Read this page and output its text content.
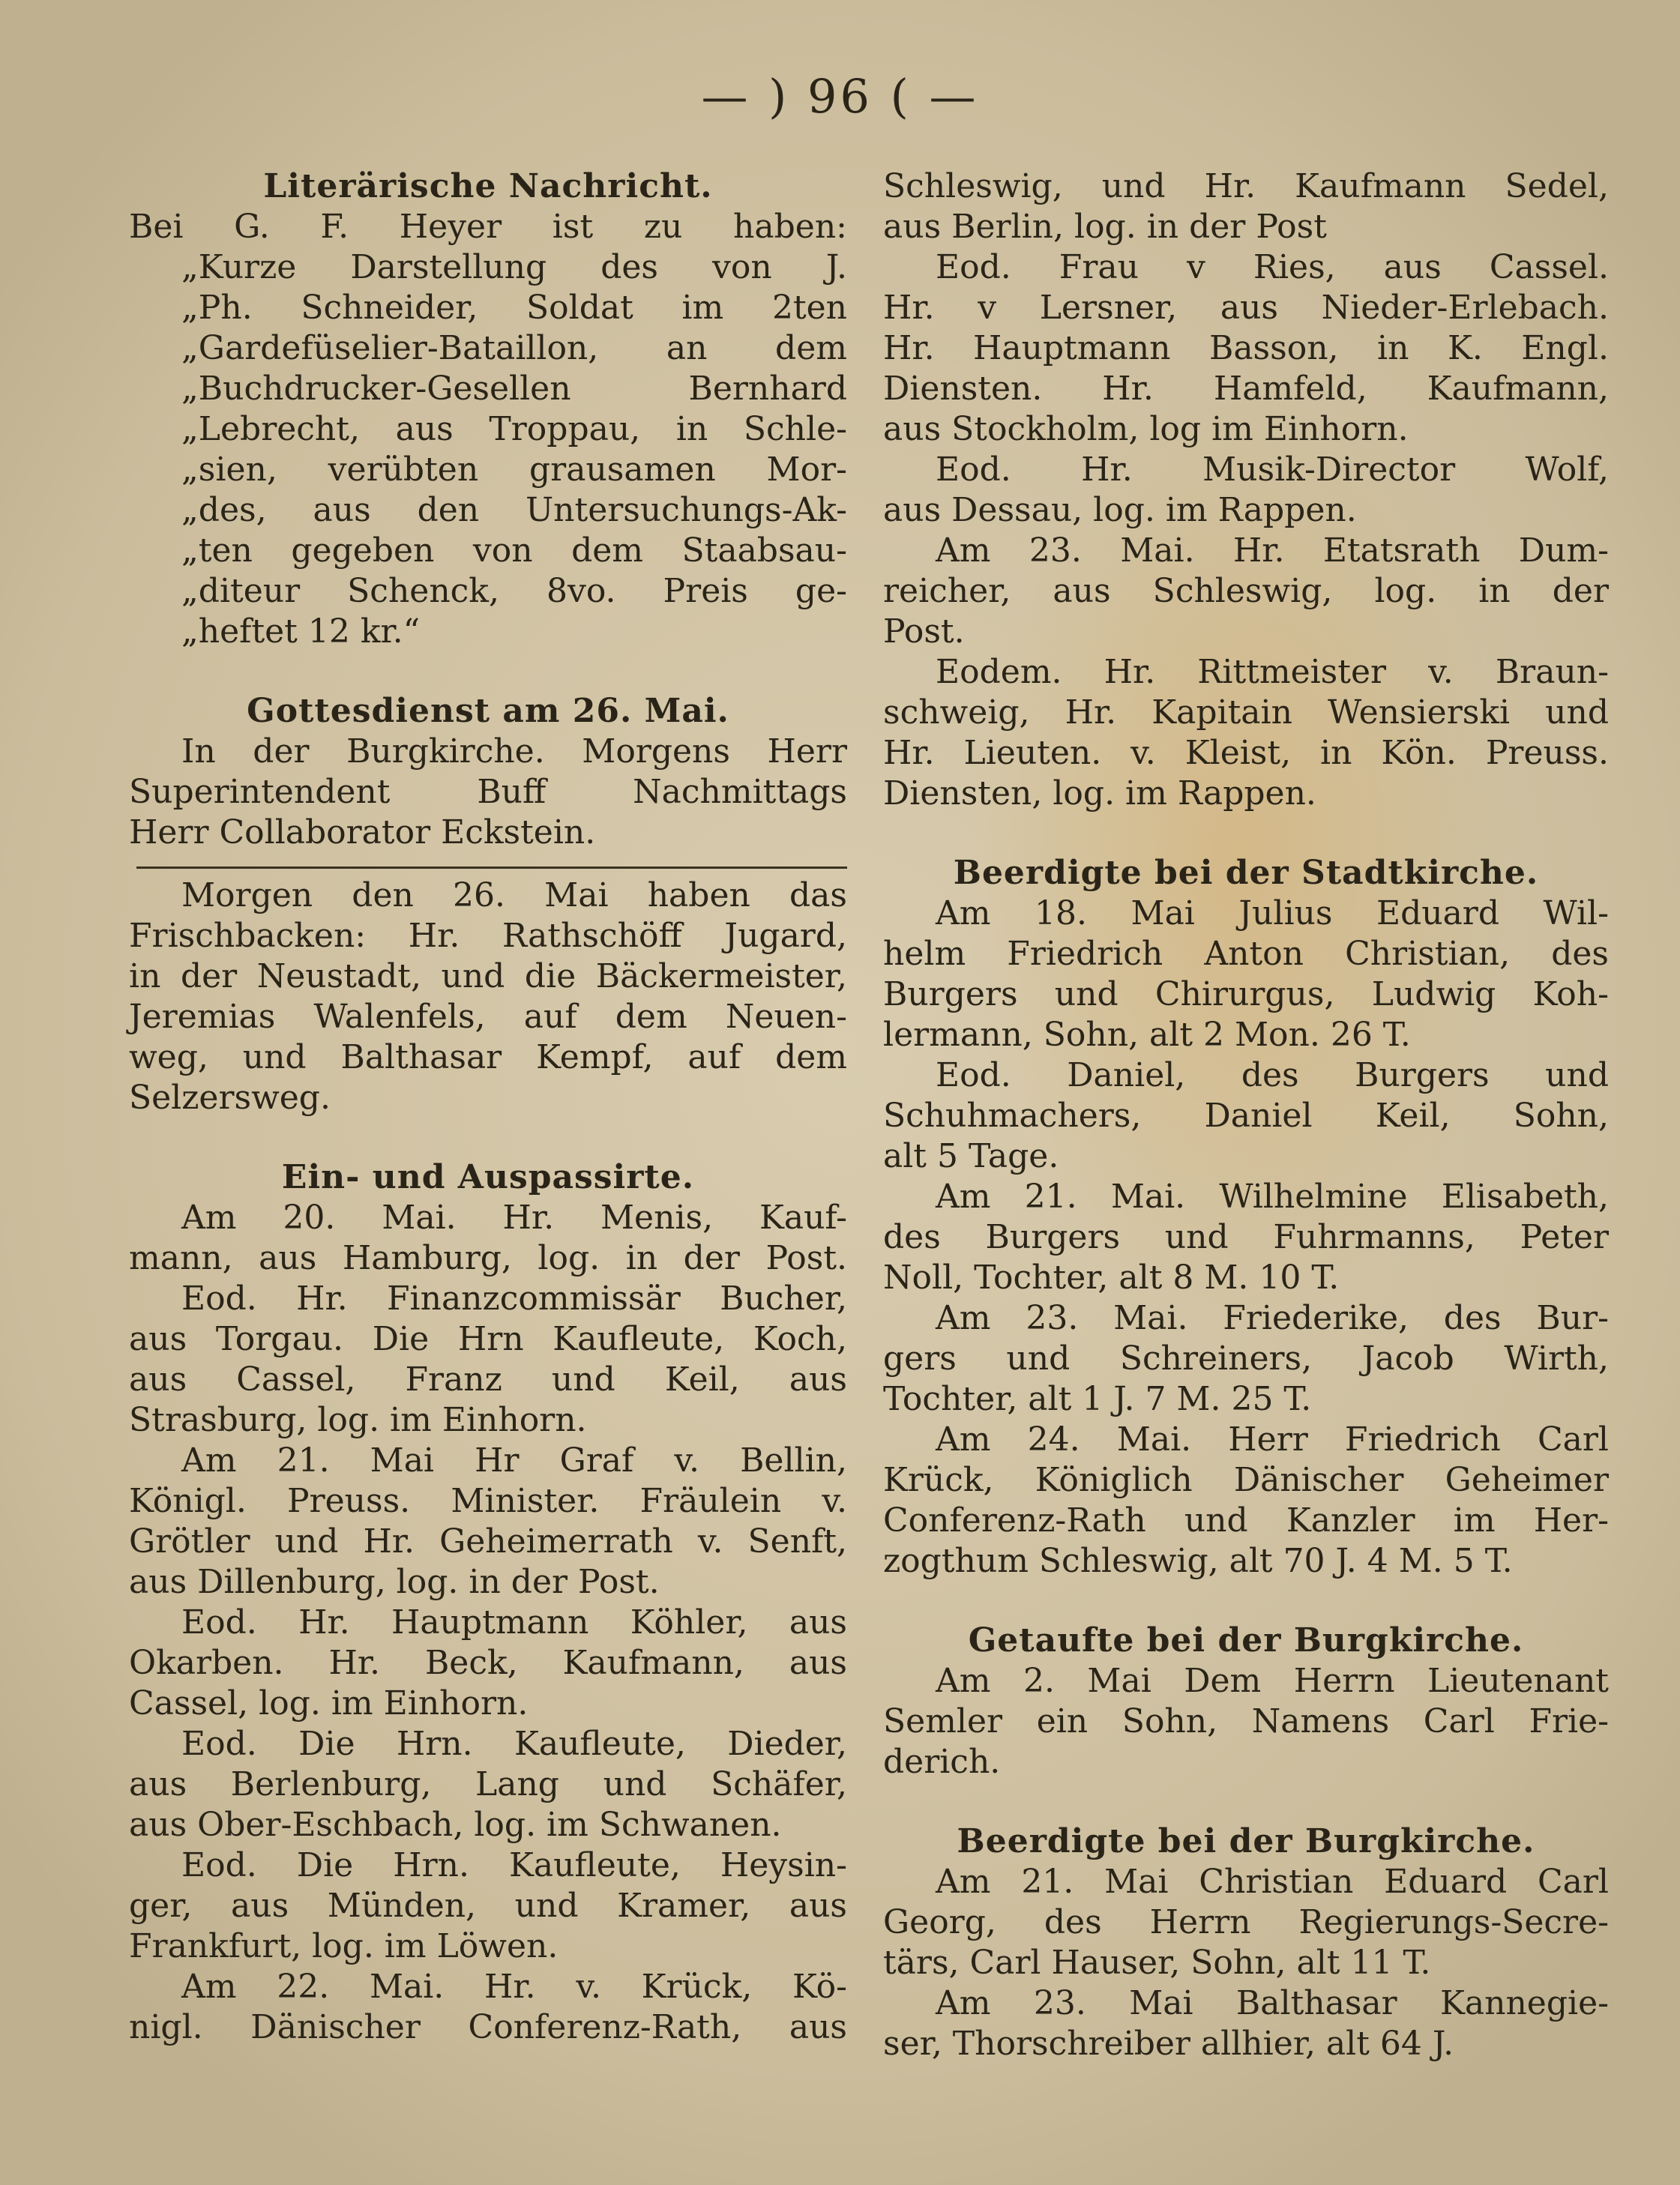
— ) 96 ( —
Literärische Nachricht.
Bei G. F. Heyer ist zu haben:
„Kurze Darstellung des von J.
„Ph. Schneider, Soldat im 2ten
„Gardefüselier-Bataillon, an dem
„Buchdrucker-Gesellen Bernhard
„Lebrecht, aus Troppau, in Schle-
„sien, verübten grausamen Mor-
„des, aus den Untersuchungs-Ak-
„ten gegeben von dem Staabsau-
„diteur Schenck, 8vo. Preis ge-
„heftet 12 kr.“
Gottesdienst am 26. Mai.
In der Burgkirche. Morgens Herr
Superintendent Buff Nachmittags
Herr Collaborator Eckstein.
Morgen den 26. Mai haben das
Frischbacken: Hr. Rathschöff Jugard,
in der Neustadt, und die Bäckermeister,
Jeremias Walenfels, auf dem Neuen-
weg, und Balthasar Kempf, auf dem
Selzersweg.
Ein- und Auspassirte.
Am 20. Mai. Hr. Menis, Kauf-
mann, aus Hamburg, log. in der Post.
Eod. Hr. Finanzcommissär Bucher,
aus Torgau. Die Hrn Kaufleute, Koch,
aus Cassel, Franz und Keil, aus
Strasburg, log. im Einhorn.
Am 21. Mai Hr Graf v. Bellin,
Königl. Preuss. Minister. Fräulein v.
Grötler und Hr. Geheimerrath v. Senft,
aus Dillenburg, log. in der Post.
Eod. Hr. Hauptmann Köhler, aus
Okarben. Hr. Beck, Kaufmann, aus
Cassel, log. im Einhorn.
Eod. Die Hrn. Kaufleute, Dieder,
aus Berlenburg, Lang und Schäfer,
aus Ober-Eschbach, log. im Schwanen.
Eod. Die Hrn. Kaufleute, Heysin-
ger, aus Münden, und Kramer, aus
Frankfurt, log. im Löwen.
Am 22. Mai. Hr. v. Krück, Kö-
nigl. Dänischer Conferenz-Rath, aus
Schleswig, und Hr. Kaufmann Sedel,
aus Berlin, log. in der Post
Eod. Frau v Ries, aus Cassel.
Hr. v Lersner, aus Nieder-Erlebach.
Hr. Hauptmann Basson, in K. Engl.
Diensten. Hr. Hamfeld, Kaufmann,
aus Stockholm, log im Einhorn.
Eod. Hr. Musik-Director Wolf,
aus Dessau, log. im Rappen.
Am 23. Mai. Hr. Etatsrath Dum-
reicher, aus Schleswig, log. in der
Post.
Eodem. Hr. Rittmeister v. Braun-
schweig, Hr. Kapitain Wensierski und
Hr. Lieuten. v. Kleist, in Kön. Preuss.
Diensten, log. im Rappen.
Beerdigte bei der Stadtkirche.
Am 18. Mai Julius Eduard Wil-
helm Friedrich Anton Christian, des
Burgers und Chirurgus, Ludwig Koh-
lermann, Sohn, alt 2 Mon. 26 T.
Eod. Daniel, des Burgers und
Schuhmachers, Daniel Keil, Sohn,
alt 5 Tage.
Am 21. Mai. Wilhelmine Elisabeth,
des Burgers und Fuhrmanns, Peter
Noll, Tochter, alt 8 M. 10 T.
Am 23. Mai. Friederike, des Bur-
gers und Schreiners, Jacob Wirth,
Tochter, alt 1 J. 7 M. 25 T.
Am 24. Mai. Herr Friedrich Carl
Krück, Königlich Dänischer Geheimer
Conferenz-Rath und Kanzler im Her-
zogthum Schleswig, alt 70 J. 4 M. 5 T.
Getaufte bei der Burgkirche.
Am 2. Mai Dem Herrn Lieutenant
Semler ein Sohn, Namens Carl Frie-
derich.
Beerdigte bei der Burgkirche.
Am 21. Mai Christian Eduard Carl
Georg, des Herrn Regierungs-Secre-
tärs, Carl Hauser, Sohn, alt 11 T.
Am 23. Mai Balthasar Kannegie-
ser, Thorschreiber allhier, alt 64 J.
